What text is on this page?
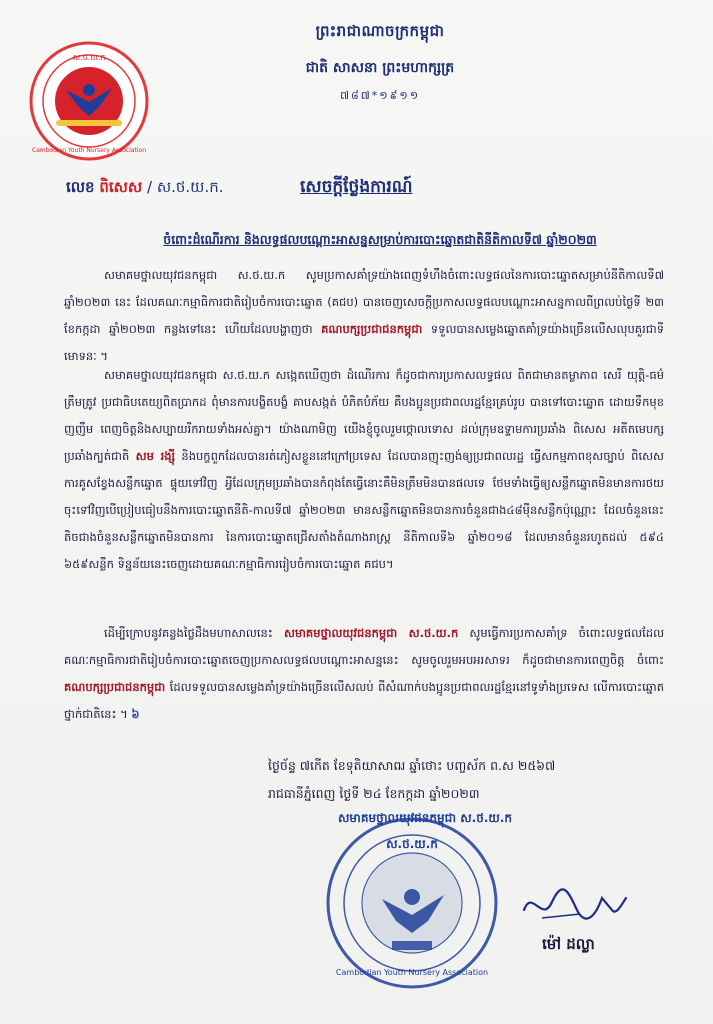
ស.ថ.យ.ក
Cambodian Youth Nursery Association
ព្រះរាជាណាចក្រកម្ពុជា
ជាតិ សាសនា ព្រះមហាក្សត្រ
៧៨៧*១៩១១
លេខ ពិសេស / ស.ថ.យ.ក.	សេចក្តីថ្លែងការណ៍
ចំពោះដំណើរការ និងលទ្ធផលបណ្តោះអាសន្នសម្រាប់ការបោះឆ្នោតជាតិនីតិកាលទី៧ ឆ្នាំ២០២៣
សមាគមថ្នាលយុវជនកម្ពុជា ស.ថ.យ.ក សូមប្រកាសគាំទ្រយ៉ាងពេញទំហឹងចំពោះលទ្ធផលនៃការបោះឆ្នោតសម្រាប់នីតិកាលទី៧ ឆ្នាំ២០២៣ នេះ ដែលគណៈកម្មាធិការជាតិរៀបចំការបោះឆ្នោត (គជប) បានចេញសេចក្តីប្រកាសលទ្ធផលបណ្តោះអាសន្នកាលពីព្រលប់ថ្ងៃទី ២៣ ខែកក្កដា ឆ្នាំ២០២៣ កន្លងទៅនេះ ហើយដែលបង្ហាញថា គណបក្សប្រជាជនកម្ពុជា ទទួលបានសម្លេងឆ្នោតគាំទ្រយ៉ាងច្រើនលើសលុបគួរជាទីមោទនៈ ។
សមាគមថ្នាលយុវជនកម្ពុជា ស.ថ.យ.ក សង្កេតឃើញថា ដំណើរការ ក៏ដូចជាការប្រកាសលទ្ធផល ពិតជាមានតម្លាភាព សេរី យុត្តិ-ធម៌ ត្រឹមត្រូវ ប្រជាធិបតេយ្យពិតប្រាកដ ពុំមានការបង្ខិតបង្ខំ គាបសង្កត់ បំភិតបំភ័យ គឺបងប្អូនប្រជាពលរដ្ឋខ្មែរគ្រប់រូប បានទៅបោះឆ្នោត ដោយទឹកមុខញញឹម ពេញចិត្តនិងសប្បាយរីករាយទាំងអស់គ្នា។ យ៉ាងណាមិញ យើងខ្ញុំចូលរួមថ្កោលទោស ដល់ក្រុមឧទ្ទាមការប្រឆាំង ពិសេស អតីតមេបក្សប្រឆាំងក្បត់ជាតិ សម រង្ស៊ី និងបក្ខពួកដែលបានរត់ភៀសខ្លួននៅក្រៅប្រទេស ដែលបានញុះញង់ឲ្យប្រជាពលរដ្ឋ ធ្វើសកម្មភាពខុសច្បាប់ ពិសេសការគូសខ្វែងសន្លឹកឆ្នោត ផ្ទុយទៅវិញ អ្វីដែលក្រុមប្រឆាំងបានកំពុងតែធ្វើនោះគឺមិនត្រឹមមិនបានផលទេ ថែមទាំងធ្វើឲ្យសន្លឹកឆ្នោតមិនមានការថយចុះទៅវិញបើប្រៀបធៀបនឹងការបោះឆ្នោតនីតិ-កាលទី៧ ឆ្នាំ២០២៣ មានសន្លឹកឆ្នោតមិនបានការចំនួនជាង៤៨ម៉ឺនសន្លឹកប៉ុណ្ណោះ ដែលចំនួននេះតិចជាងចំនួនសន្លឹកឆ្នោតមិនបានការ នៃការបោះឆ្នោតជ្រើសតាំងតំណាងរាស្ត្រ នីតិកាលទី៦ ឆ្នាំ២០១៨ ដែលមានចំនួនរហូតដល់ ៥៩៤ ៦៥៩សន្លឹក ទិន្នន័យនេះចេញដោយគណៈកម្មាធិការរៀបចំការបោះឆ្នោត គជប។
ដើម្បីក្រោបនូវគន្លងថ្លៃដឹងមហាសាលនេះ សមាគមថ្នាលយុវជនកម្ពុជា ស.ថ.យ.ក សូមធ្វើការប្រកាសគាំទ្រ ចំពោះលទ្ធផលដែលគណៈកម្មាធិការជាតិរៀបចំការបោះឆ្នោតចេញប្រកាសលទ្ធផលបណ្តោះអាសន្ននេះ សូមចូលរួមអបអរសាទរ ក៏ដូចជាមានការពេញចិត្ត ចំពោះ គណបក្សប្រជាជនកម្ពុជា ដែលទទួលបានសម្លេងគាំទ្រយ៉ាងច្រើនលើសលប់ ពីសំណាក់បងប្អូនប្រជាពលរដ្ឋខ្មែរនៅទូទាំងប្រទេស លើការបោះឆ្នោតថ្នាក់ជាតិនេះ ។ ៦
ថ្ងៃច័ន្ទ ៧កើត ខែទុតិយាសាឍ ឆ្នាំថោះ បញ្ចស័ក ព.ស ២៥៦៧
រាជធានីភ្នំពេញ ថ្ងៃទី ២៤ ខែកក្កដា ឆ្នាំ២០២៣
សមាគមថ្នាលយុវជនកម្ពុជា ស.ថ.យ.ក
ស.ថ.យ.ក
Cambodian Youth Nursery Association
ម៉ៅ ដល្លា
